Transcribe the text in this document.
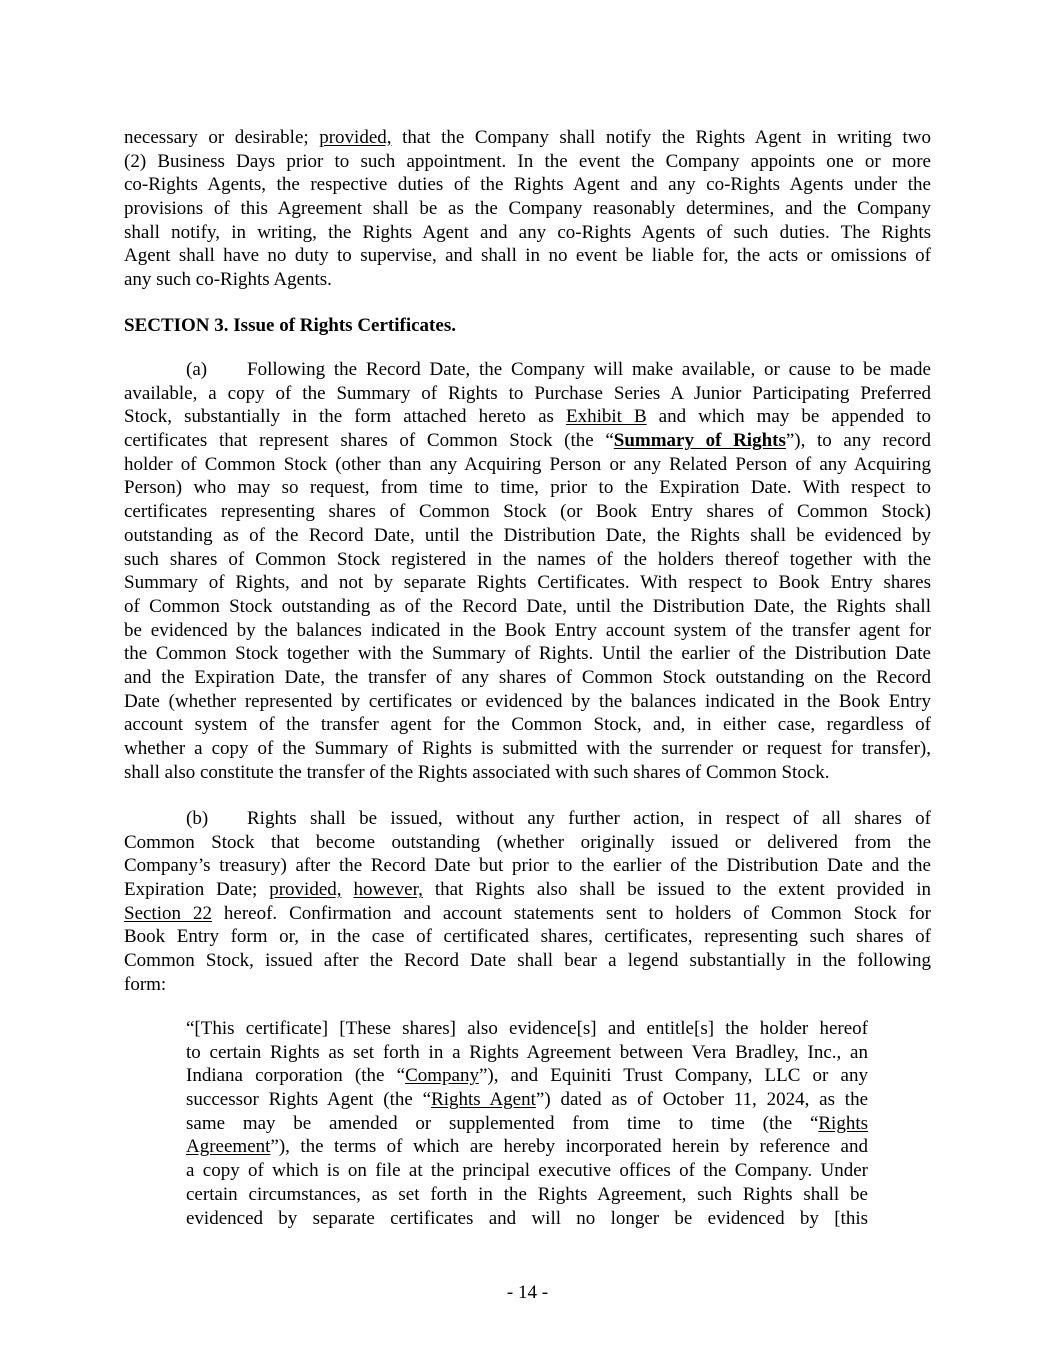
necessary or desirable; provided, that the Company shall notify the Rights Agent in writing two
(2) Business Days prior to such appointment. In the event the Company appoints one or more
co-Rights Agents, the respective duties of the Rights Agent and any co-Rights Agents under the
provisions of this Agreement shall be as the Company reasonably determines, and the Company
shall notify, in writing, the Rights Agent and any co-Rights Agents of such duties. The Rights
Agent shall have no duty to supervise, and shall in no event be liable for, the acts or omissions of
any such co-Rights Agents.
SECTION 3. Issue of Rights Certificates.
(a) Following the Record Date, the Company will make available, or cause to be made
available, a copy of the Summary of Rights to Purchase Series A Junior Participating Preferred
Stock, substantially in the form attached hereto as Exhibit B and which may be appended to
certificates that represent shares of Common Stock (the “Summary of Rights”), to any record
holder of Common Stock (other than any Acquiring Person or any Related Person of any Acquiring
Person) who may so request, from time to time, prior to the Expiration Date. With respect to
certificates representing shares of Common Stock (or Book Entry shares of Common Stock)
outstanding as of the Record Date, until the Distribution Date, the Rights shall be evidenced by
such shares of Common Stock registered in the names of the holders thereof together with the
Summary of Rights, and not by separate Rights Certificates. With respect to Book Entry shares
of Common Stock outstanding as of the Record Date, until the Distribution Date, the Rights shall
be evidenced by the balances indicated in the Book Entry account system of the transfer agent for
the Common Stock together with the Summary of Rights. Until the earlier of the Distribution Date
and the Expiration Date, the transfer of any shares of Common Stock outstanding on the Record
Date (whether represented by certificates or evidenced by the balances indicated in the Book Entry
account system of the transfer agent for the Common Stock, and, in either case, regardless of
whether a copy of the Summary of Rights is submitted with the surrender or request for transfer),
shall also constitute the transfer of the Rights associated with such shares of Common Stock.
(b) Rights shall be issued, without any further action, in respect of all shares of
Common Stock that become outstanding (whether originally issued or delivered from the
Company’s treasury) after the Record Date but prior to the earlier of the Distribution Date and the
Expiration Date; provided, however, that Rights also shall be issued to the extent provided in
Section 22 hereof. Confirmation and account statements sent to holders of Common Stock for
Book Entry form or, in the case of certificated shares, certificates, representing such shares of
Common Stock, issued after the Record Date shall bear a legend substantially in the following
form:
“[This certificate] [These shares] also evidence[s] and entitle[s] the holder hereof
to certain Rights as set forth in a Rights Agreement between Vera Bradley, Inc., an
Indiana corporation (the “Company”), and Equiniti Trust Company, LLC or any
successor Rights Agent (the “Rights Agent”) dated as of October 11, 2024, as the
same may be amended or supplemented from time to time (the “Rights
Agreement”), the terms of which are hereby incorporated herein by reference and
a copy of which is on file at the principal executive offices of the Company. Under
certain circumstances, as set forth in the Rights Agreement, such Rights shall be
evidenced by separate certificates and will no longer be evidenced by [this
- 14 -
